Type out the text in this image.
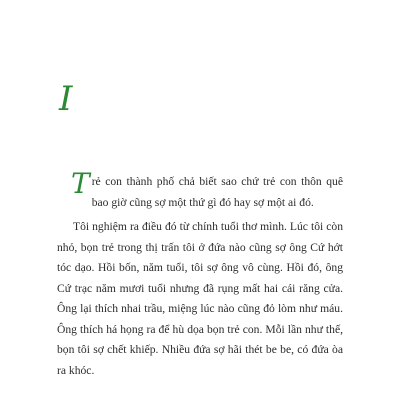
I

Trẻ con thành phố chả biết sao chứ trẻ con thôn quê bao giờ cũng sợ một thứ gì đó hay sợ một ai đó.

Tôi nghiệm ra điều đó từ chính tuổi thơ mình. Lúc tôi còn nhỏ, bọn trẻ trong thị trấn tôi ở đứa nào cũng sợ ông Cứ hớt tóc dạo. Hồi bốn, năm tuổi, tôi sợ ông vô cùng. Hồi đó, ông Cứ trạc năm mươi tuổi nhưng đã rụng mất hai cái răng cửa. Ông lại thích nhai trầu, miệng lúc nào cũng đỏ lòm như máu. Ông thích há họng ra để hù dọa bọn trẻ con. Mỗi lần như thế, bọn tôi sợ chết khiếp. Nhiều đứa sợ hãi thét be be, có đứa òa ra khóc.
